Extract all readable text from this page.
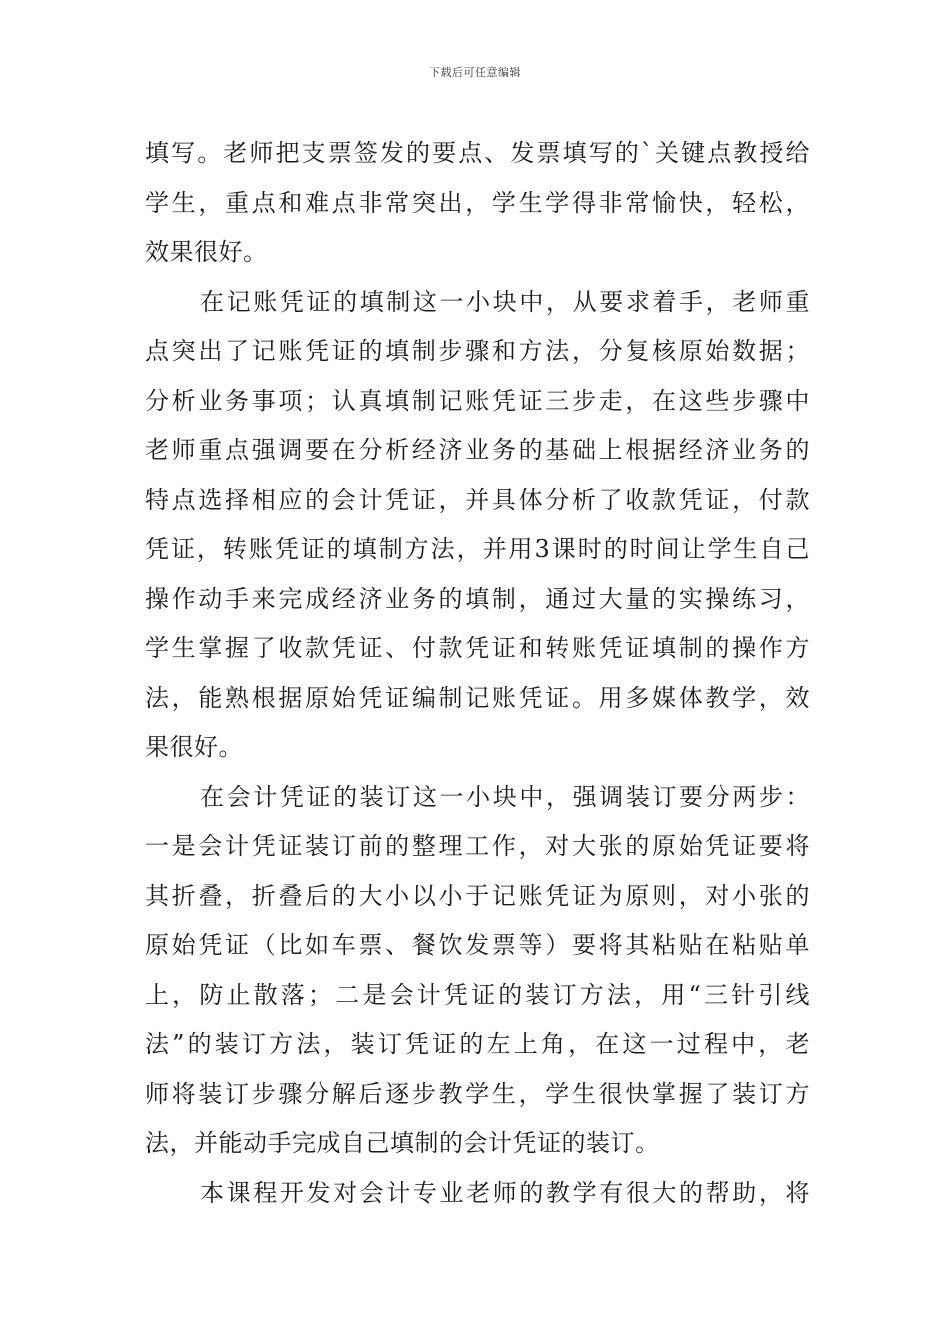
下载后可任意编辑
填写。老师把支票签发的要点、发票填写的`关键点教授给
学生，重点和难点非常突出，学生学得非常愉快，轻松，
效果很好。
在记账凭证的填制这一小块中，从要求着手，老师重
点突出了记账凭证的填制步骤和方法，分复核原始数据；
分析业务事项；认真填制记账凭证三步走，在这些步骤中
老师重点强调要在分析经济业务的基础上根据经济业务的
特点选择相应的会计凭证，并具体分析了收款凭证，付款
凭证，转账凭证的填制方法，并用3课时的时间让学生自己
操作动手来完成经济业务的填制，通过大量的实操练习，
学生掌握了收款凭证、付款凭证和转账凭证填制的操作方
法，能熟根据原始凭证编制记账凭证。用多媒体教学，效
果很好。
在会计凭证的装订这一小块中，强调装订要分两步：
一是会计凭证装订前的整理工作，对大张的原始凭证要将
其折叠，折叠后的大小以小于记账凭证为原则，对小张的
原始凭证（比如车票、餐饮发票等）要将其粘贴在粘贴单
上，防止散落；二是会计凭证的装订方法，用“三针引线
法”的装订方法，装订凭证的左上角，在这一过程中，老
师将装订步骤分解后逐步教学生，学生很快掌握了装订方
法，并能动手完成自己填制的会计凭证的装订。
本课程开发对会计专业老师的教学有很大的帮助，将
